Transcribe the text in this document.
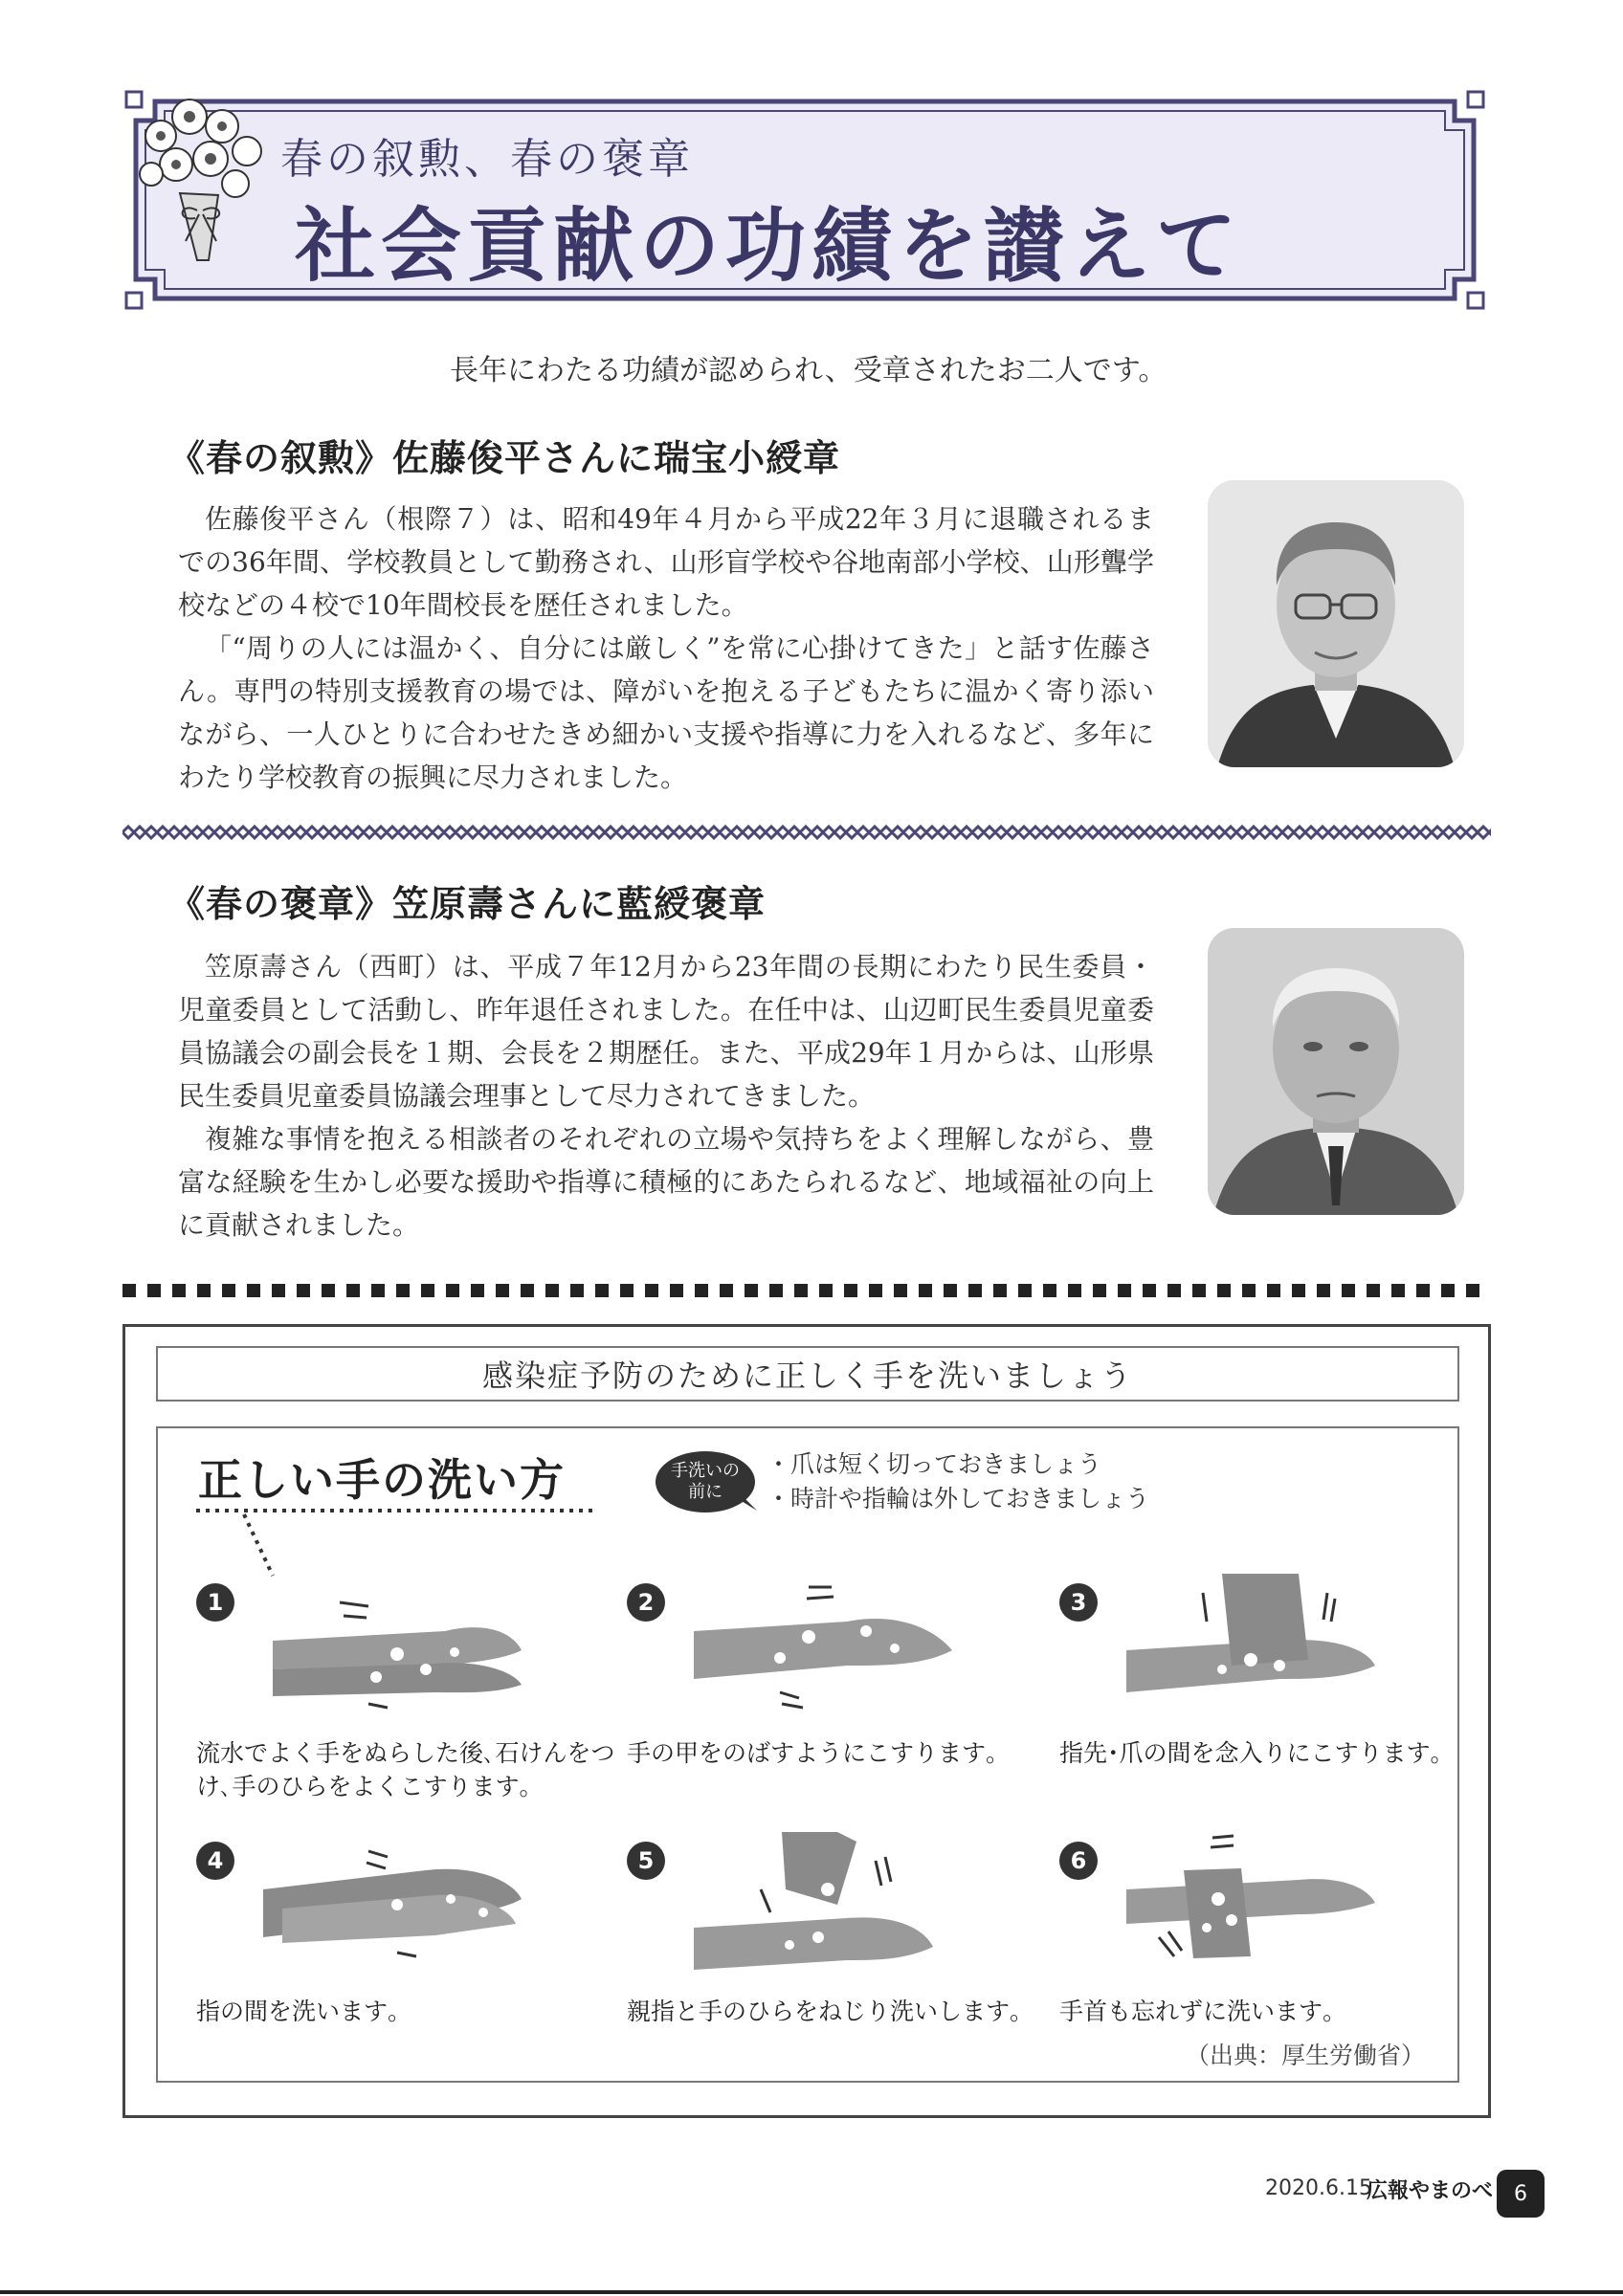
春の叙勲、春の褒章
社会貢献の功績を讃えて
長年にわたる功績が認められ、受章されたお二人です。
《春の叙勲》佐藤俊平さんに瑞宝小綬章

佐藤俊平さん（根際７）は、昭和49年４月から平成22年３月に退職されるまでの36年間、学校教員として勤務され、山形盲学校や谷地南部小学校、山形聾学校などの４校で10年間校長を歴任されました。

「“周りの人には温かく、自分には厳しく”を常に心掛けてきた」と話す佐藤さん。専門の特別支援教育の場では、障がいを抱える子どもたちに温かく寄り添いながら、一人ひとりに合わせたきめ細かい支援や指導に力を入れるなど、多年にわたり学校教育の振興に尽力されました。

《春の褒章》笠原壽さんに藍綬褒章

笠原壽さん（西町）は、平成７年12月から23年間の長期にわたり民生委員・児童委員として活動し、昨年退任されました。在任中は、山辺町民生委員児童委員協議会の副会長を１期、会長を２期歴任。また、平成29年１月からは、山形県民生委員児童委員協議会理事として尽力されてきました。

複雑な事情を抱える相談者のそれぞれの立場や気持ちをよく理解しながら、豊富な経験を生かし必要な援助や指導に積極的にあたられるなど、地域福祉の向上に貢献されました。

感染症予防のために正しく手を洗いましょう
正しい手の洗い方	手洗いの
前に
・爪は短く切っておきましょう
・時計や指輪は外しておきましょう
1
流水でよく手をぬらした後､石けんをつけ､手のひらをよくこすります｡
2
手の甲をのばすようにこすります｡
3
指先･爪の間を念入りにこすります｡
4
指の間を洗います｡
5
親指と手のひらをねじり洗いします｡
6
手首も忘れずに洗います｡
（出典：厚生労働省）
2020.6.15
広報やまのべ 6
